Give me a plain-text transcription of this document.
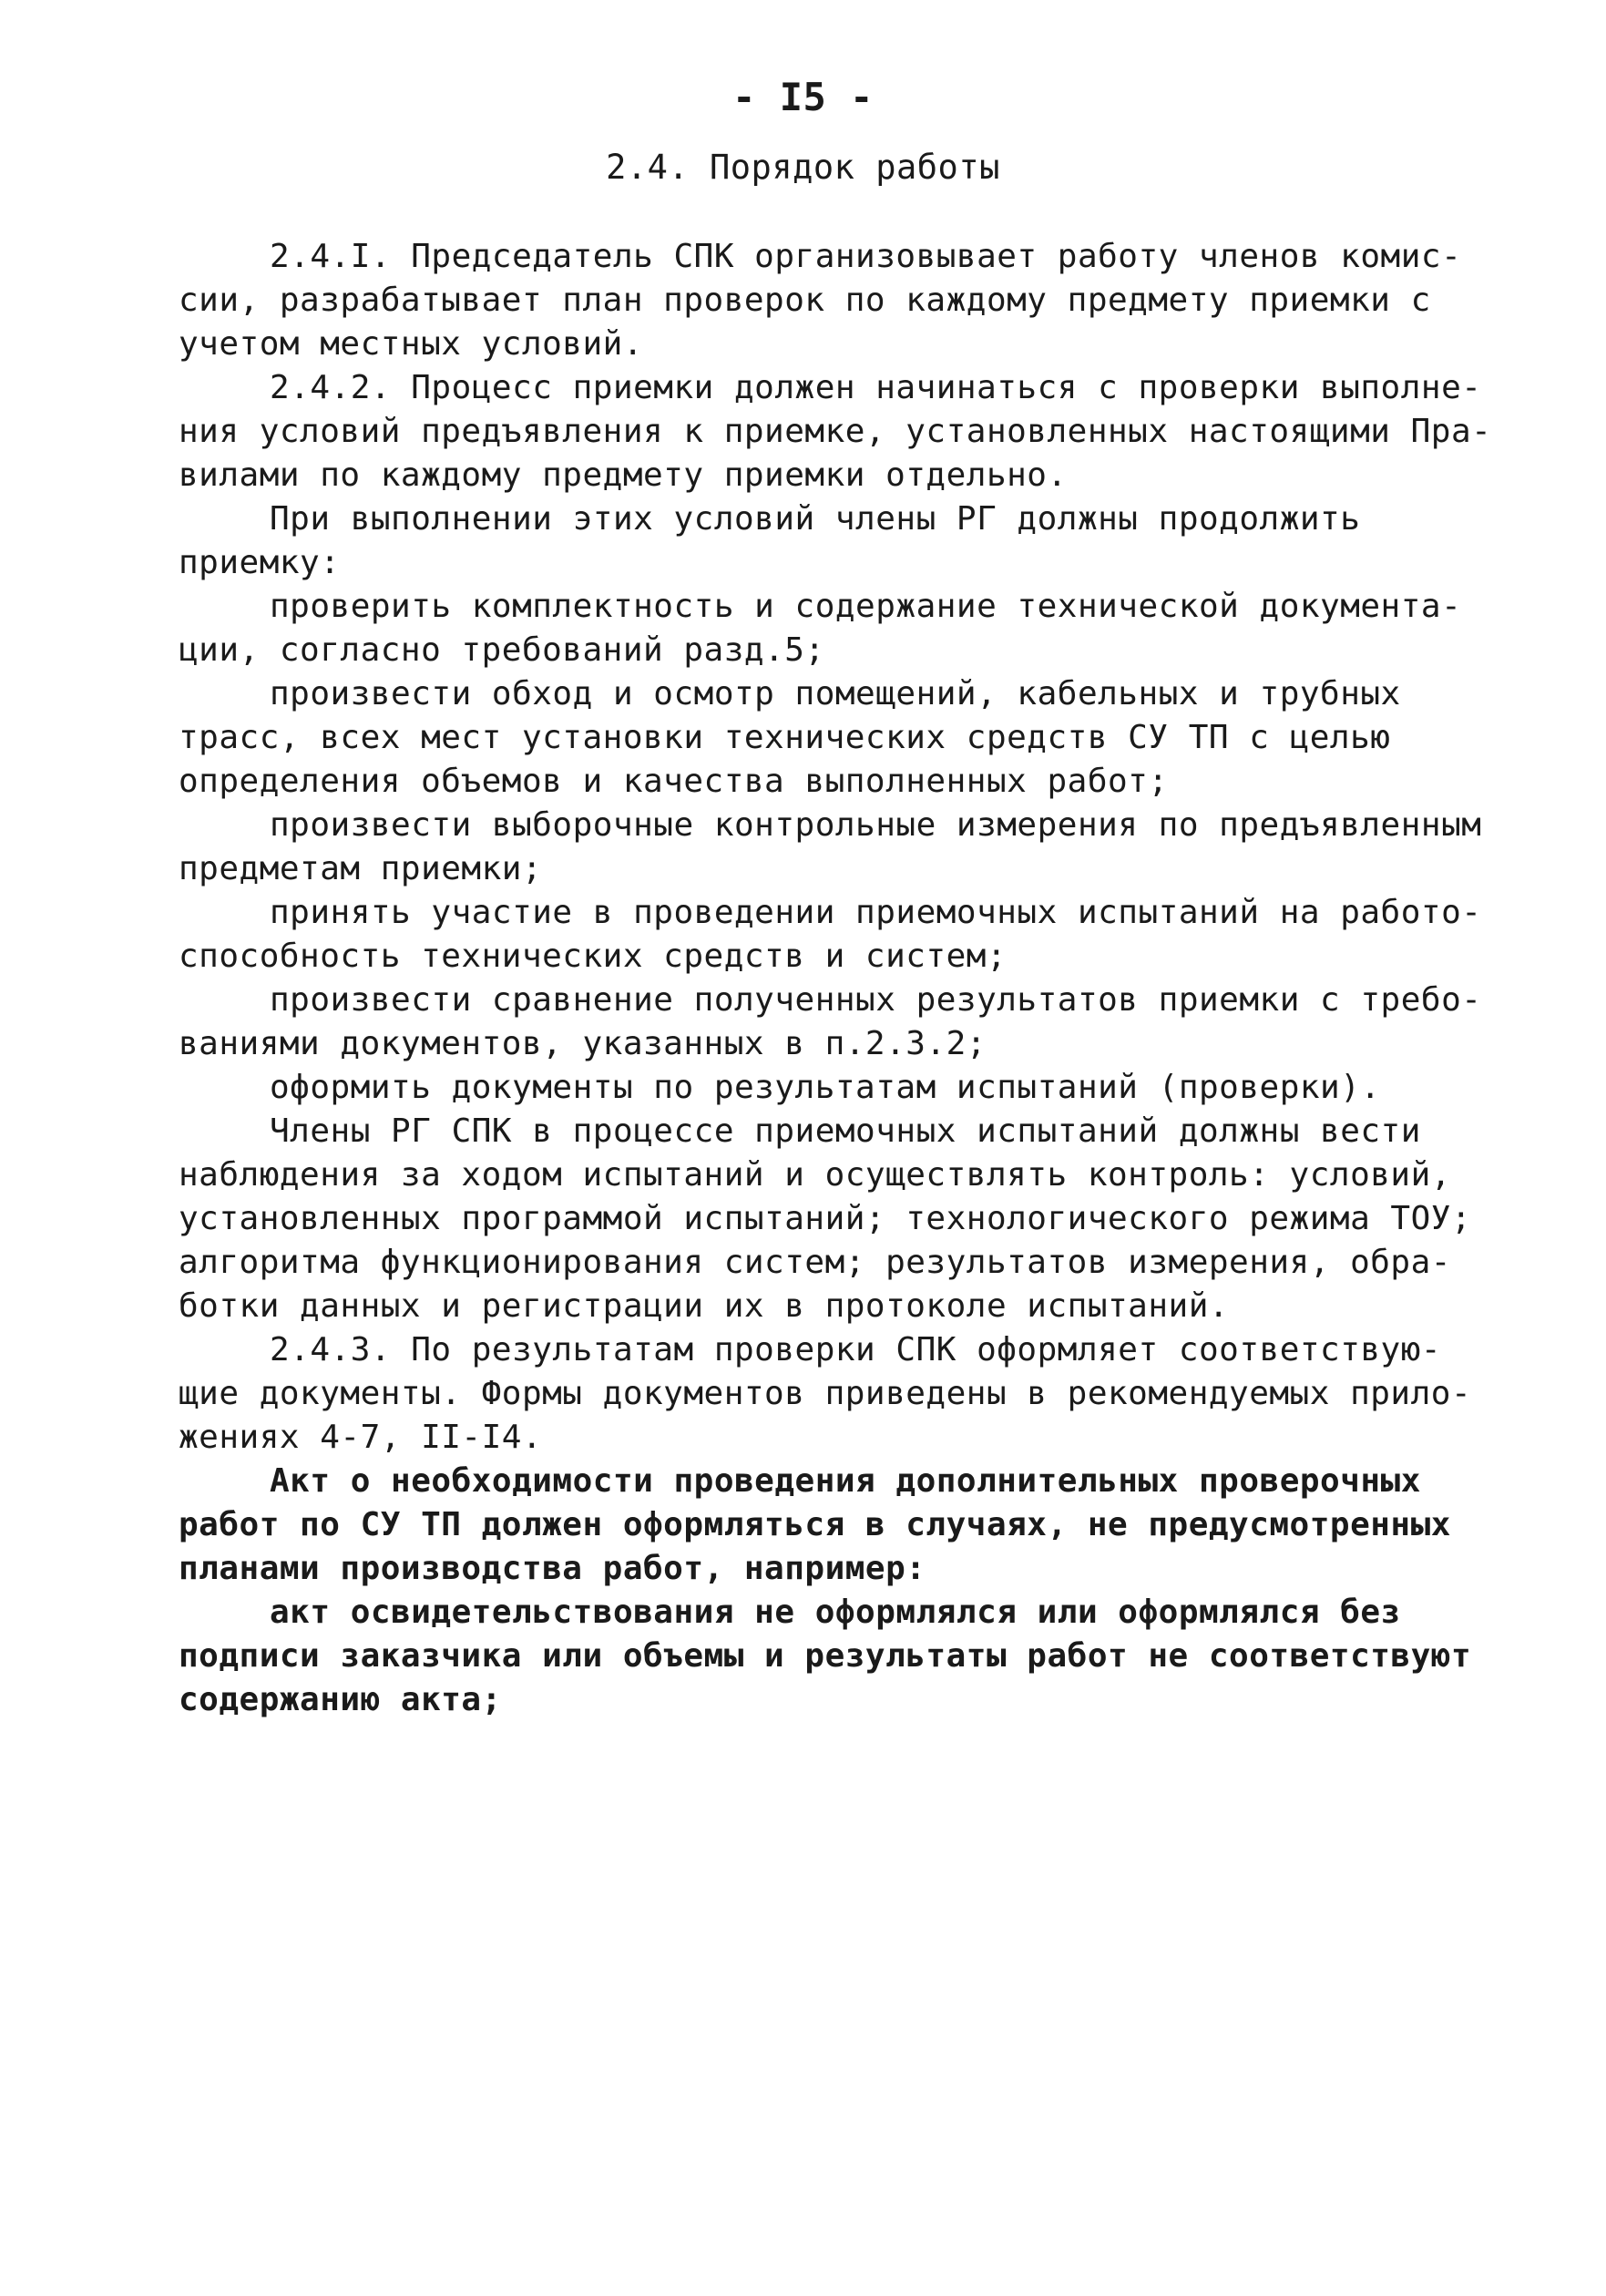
- I5 -
2.4. Порядок работы
2.4.I. Председатель СПК организовывает работу членов комис-
сии, разрабатывает план проверок по каждому предмету приемки с
учетом местных условий.
2.4.2. Процесс приемки должен начинаться с проверки выполне-
ния условий предъявления к приемке, установленных настоящими Пра-
вилами по каждому предмету приемки отдельно.
При выполнении этих условий члены РГ должны продолжить
приемку:
проверить комплектность и содержание технической документа-
ции, согласно требований разд.5;
произвести обход и осмотр помещений, кабельных и трубных
трасс, всех мест установки технических средств СУ ТП с целью
определения объемов и качества выполненных работ;
произвести выборочные контрольные измерения по предъявленным
предметам приемки;
принять участие в проведении приемочных испытаний на работо-
способность технических средств и систем;
произвести сравнение полученных результатов приемки с требо-
ваниями документов, указанных в п.2.3.2;
оформить документы по результатам испытаний (проверки).
Члены РГ СПК в процессе приемочных испытаний должны вести
наблюдения за ходом испытаний и осуществлять контроль: условий,
установленных программой испытаний; технологического режима ТОУ;
алгоритма функционирования систем; результатов измерения, обра-
ботки данных и регистрации их в протоколе испытаний.
2.4.3. По результатам проверки СПК оформляет соответствую-
щие документы. Формы документов приведены в рекомендуемых прило-
жениях 4-7, II-I4.
Акт о необходимости проведения дополнительных проверочных
работ по СУ ТП должен оформляться в случаях, не предусмотренных
планами производства работ, например:
акт освидетельствования не оформлялся или оформлялся без
подписи заказчика или объемы и результаты работ не соответствуют
содержанию акта;
